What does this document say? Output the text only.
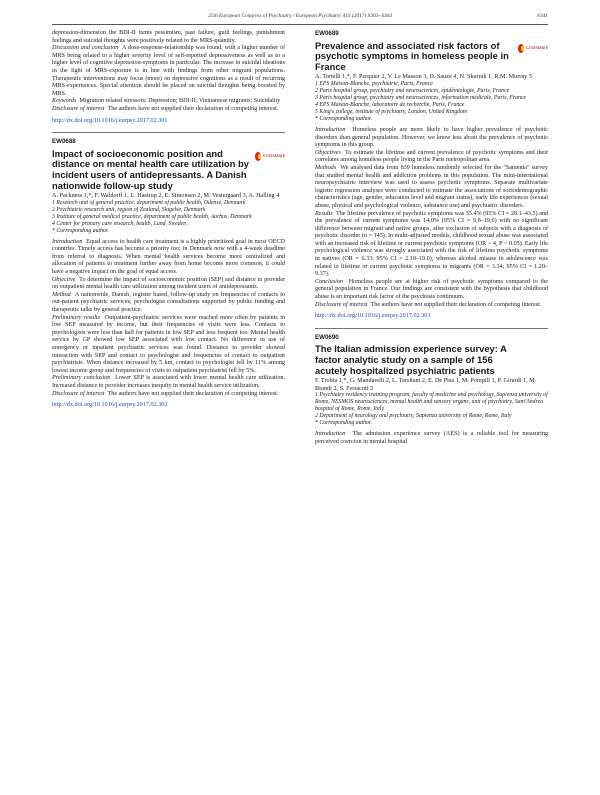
25th European Congress of Psychiatry / European Psychiatry 41S (2017) S303–S364	S341

depression-dimension the BDI-II items pessimism, past failure, guilt feelings, punishment feelings and suicidal thoughts were positively related to the MRS-quantity.

Discussion and conclusion A dose-response-relationship was found, with a higher number of MRS being related to a higher severity level of self-reported depressiveness as well as to a higher level of cognitive depression-symptoms in particular. The increase in suicidal ideations in the light of MRS-exposure is in line with findings from other migrant populations. Therapeutic interventions may focus (more) on depressive cognitions as a result of recurring MRS-experiences. Special attention should be placed on suicidal thoughts being boosted by MRS.

Keywords Migration related stressors; Depression; BDI-II; Vietnamese migrants; Suicidality

Disclosure of interest The authors have not supplied their declaration of competing interest.

http://dx.doi.org/10.1016/j.eurpsy.2017.02.301
EW0688
Impact of socioeconomic position and distance on mental health care utilization by incident users of antidepressants. A Danish nationwide follow-up study
CrossMark
A. Packness 1,*, F. Waldorff 1, L. Hastrup 2, E. Simonsen 2, M. Vestergaard 3, A. Halling 4
1 Research unit of general practice, department of public health, Odense, Denmark
2 Psychiatric research unit, region of Zealand, Slagelse, Denmark
3 Institute of general medical practice, department of public health, Aarhus, Denmark
4 Center for primary care research, health, Lund, Sweden
* Corresponding author.

Introduction Equal access to health care treatment is a highly prioritized goal in most OECD countries. Timely access has become a priority too; in Denmark now with a 4-week deadline from referral to diagnosis. When mental health services become more centralized and allocation of patients to treatment further away from home become more common, it could have a negative impact on the goal of equal access.

Objective To determine the impact of socioeconomic position (SEP) and distance to provider on outpatient mental health care utilization among incident users of antidepressants.

Method A nationwide, Danish, register based, follow-up study on frequencies of contacts to out-patient psychiatric services, psychologist consultations supported by public funding and therapeutic talks by general practice.

Preliminary results Outpatient-psychiatric services were reached more often by patients in low SEP measured by income, but their frequencies of visits were less. Contacts to psychologists were less than half for patients in low SEP and less frequent too. Mental health service by GP showed low SEP associated with low contact. No difference in use of emergency or inpatient psychiatric services was found. Distance to provider showed interaction with SEP and contact to psychologist and frequencies of contact to outpatient psychiatrists. When distance increased by 5 km, contact to psychologist fell by 11% among lowest income group and frequencies of visits to outpatient psychiatrist fell by 5%.

Preliminary conclusion Lower SEP is associated with lower mental health care utilization. Increased distance to provider increases inequity in mental health service utilization.

Disclosure of interest The authors have not supplied their declaration of competing interest.

http://dx.doi.org/10.1016/j.eurpsy.2017.02.302
EW0689
Prevalence and associated risk factors of psychotic symptoms in homeless people in France
CrossMark
A. Tortelli 1,*, F. Perquier 2, V. Le Masson 3, D. Sauze 4, N. Skurnik 1, R.M. Murray 5
1 EPS Maison-Blanche, psychiatrie, Paris, France
2 Paris hospital group, psychiatry and neurosciences, épidémiologie, Paris, France
3 Paris hospital group, psychiatry and neurosciences, information médicale, Paris, France
4 EPS Maison-Blanche, laboratoire de recherche, Paris, France
5 King's college, institute of psychiatry, London, United Kingdom
* Corresponding author.

Introduction Homeless people are more likely to have higher prevalence of psychotic disorders than general population. However, we know less about the prevalence of psychotic symptoms in this group.

Objectives To estimate the lifetime and current prevalence of psychotic symptoms and their correlates among homeless people living in the Paris metropolitan area.

Methods We analysed data from 839 homeless randomly selected for the "Samenta" survey that studied mental health and addiction problems in this population. The mini-international neuropsychiatric interview was used to assess psychotic symptoms. Separate multivariate logistic regression analyses were conducted to estimate the associations of sociodemographic characteristics (age, gender, education level and migrant status), early life experiences (sexual abuse, physical and psychological violence, substance use) and psychiatric disorders.

Results The lifetime prevalence of psychotic symptoms was 35.4% (95% CI = 28.1–43.5) and the prevalence of current symptoms was 14,0% (95% CI = 9,8–19,6) with no significant difference between migrant and native groups, after exclusion of subjects with a diagnosis of psychotic disorder (n = 145). In multi-adjusted models, childhood sexual abuse was associated with an increased risk of lifetime or current psychotic symptoms (OR > 4, P < 0.05). Early life psychological violence was strongly associated with the risk of lifetime psychotic symptoms in natives (OR = 6.33; 95% CI = 2.10–19.0), whereas alcohol misuse in adolescence was related to lifetime or current psychotic symptoms in migrants (OR = 3.34; 95% CI = 1.20–9.37).

Conclusion Homeless people are at higher risk of psychotic symptoms compared to the general population in France. Our findings are consistent with the hypothesis that childhood abuse is an important risk factor of the psychosis continuum.

Disclosure of interest The authors have not supplied their declaration of competing interest.

http://dx.doi.org/10.1016/j.eurpsy.2017.02.303
EW0690
The Italian admission experience survey: A factor analytic study on a sample of 156 acutely hospitalized psychiatric patients
F. Trobia 1,*, G. Mandarelli 2, L. Tarsitani 2, E. De Pisa 1, M. Pompili 1, P. Girardi 1, M. Biondi 2, S. Ferracuti 2
1 Psychiatry residency training program, faculty of medicine and psychology, Sapienza university of Rome, NESMOS neurosciences, mental health and sensory organs, unit of psychiatry, Sant'Andrea hospital of Rome, Rome, Italy
2 Department of neurology and psychiatry, Sapienza university of Rome, Rome, Italy
* Corresponding author.

Introduction The admission experience survey (AES) is a reliable tool for measuring perceived coercion in mental hospital
